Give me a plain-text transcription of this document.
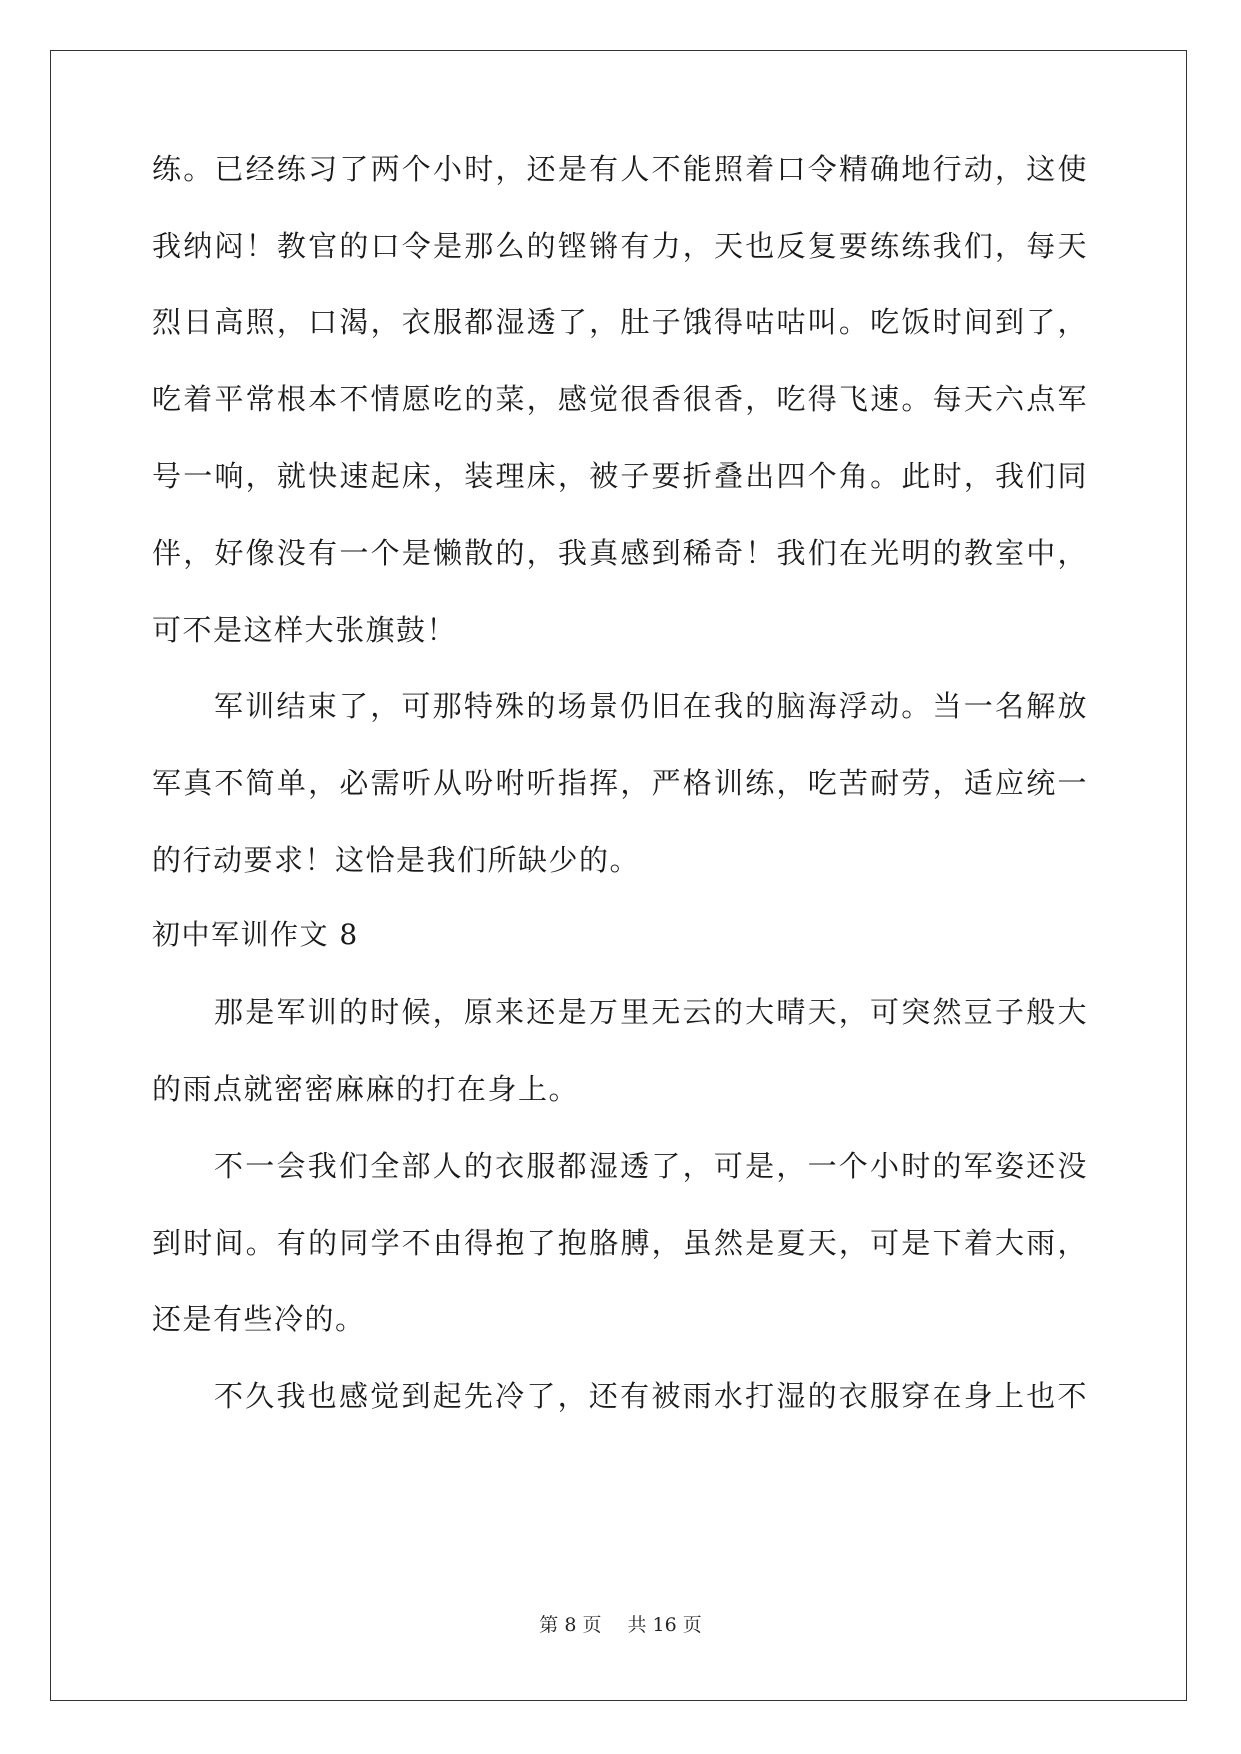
练。已经练习了两个小时，还是有人不能照着口令精确地行动，这使
我纳闷！教官的口令是那么的铿锵有力，天也反复要练练我们，每天
烈日高照，口渴，衣服都湿透了，肚子饿得咕咕叫。吃饭时间到了，
吃着平常根本不情愿吃的菜，感觉很香很香，吃得飞速。每天六点军
号一响，就快速起床，装理床，被子要折叠出四个角。此时，我们同
伴，好像没有一个是懒散的，我真感到稀奇！我们在光明的教室中，
可不是这样大张旗鼓！
军训结束了，可那特殊的场景仍旧在我的脑海浮动。当一名解放
军真不简单，必需听从吩咐听指挥，严格训练，吃苦耐劳，适应统一
的行动要求！这恰是我们所缺少的。
初中军训作文 8
那是军训的时候，原来还是万里无云的大晴天，可突然豆子般大
的雨点就密密麻麻的打在身上。
不一会我们全部人的衣服都湿透了，可是，一个小时的军姿还没
到时间。有的同学不由得抱了抱胳膊，虽然是夏天，可是下着大雨，
还是有些冷的。
不久我也感觉到起先冷了，还有被雨水打湿的衣服穿在身上也不
第 8 页 共 16 页
